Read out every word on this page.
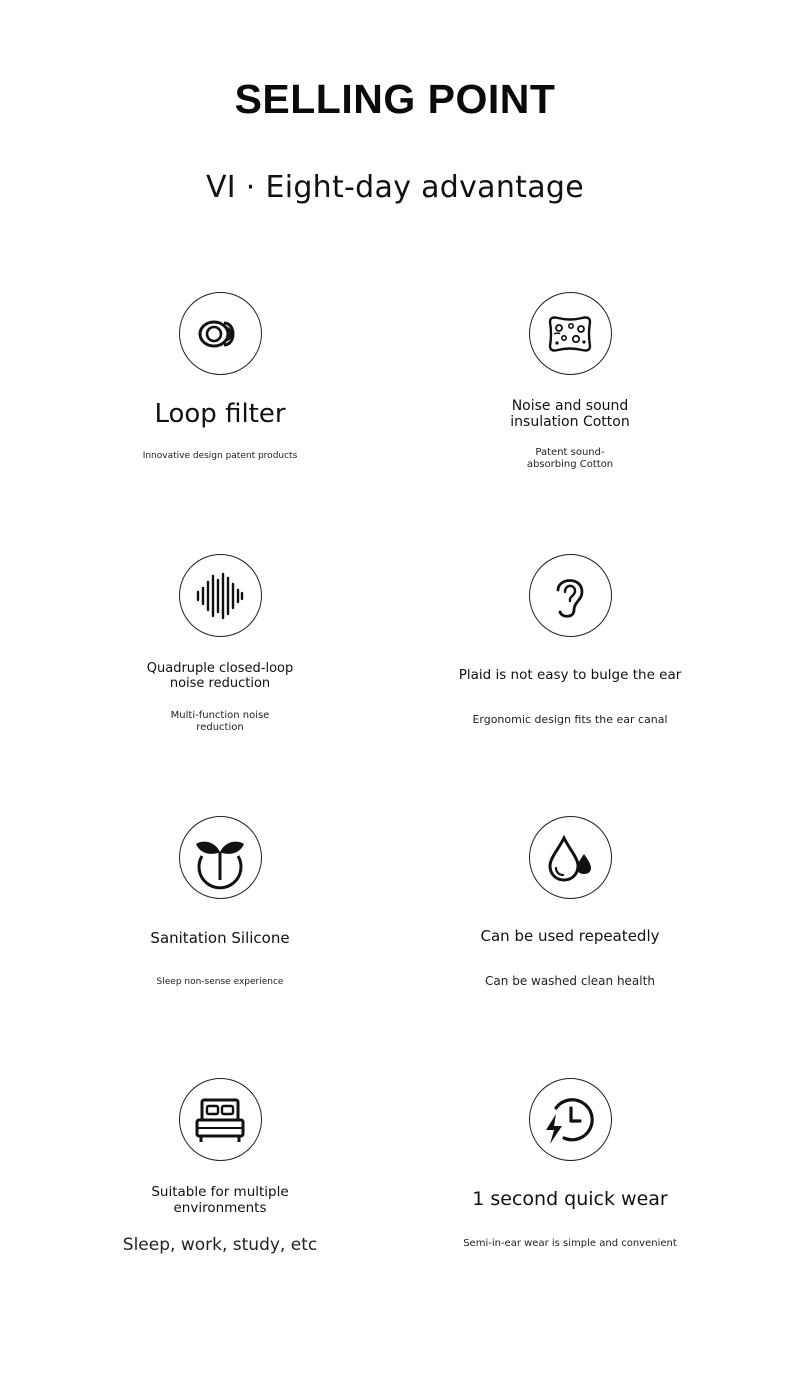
SELLING POINT
VI · Eight-day advantage
Loop filter
Innovative design patent products
Noise and sound insulation Cotton
Patent sound-absorbing Cotton
Quadruple closed-loop noise reduction
Multi-function noise reduction
Plaid is not easy to bulge the ear
Ergonomic design fits the ear canal
Sanitation Silicone
Sleep non-sense experience
Can be used repeatedly
Can be washed clean health
Suitable for multiple environments
Sleep, work, study, etc
1 second quick wear
Semi-in-ear wear is simple and convenient
